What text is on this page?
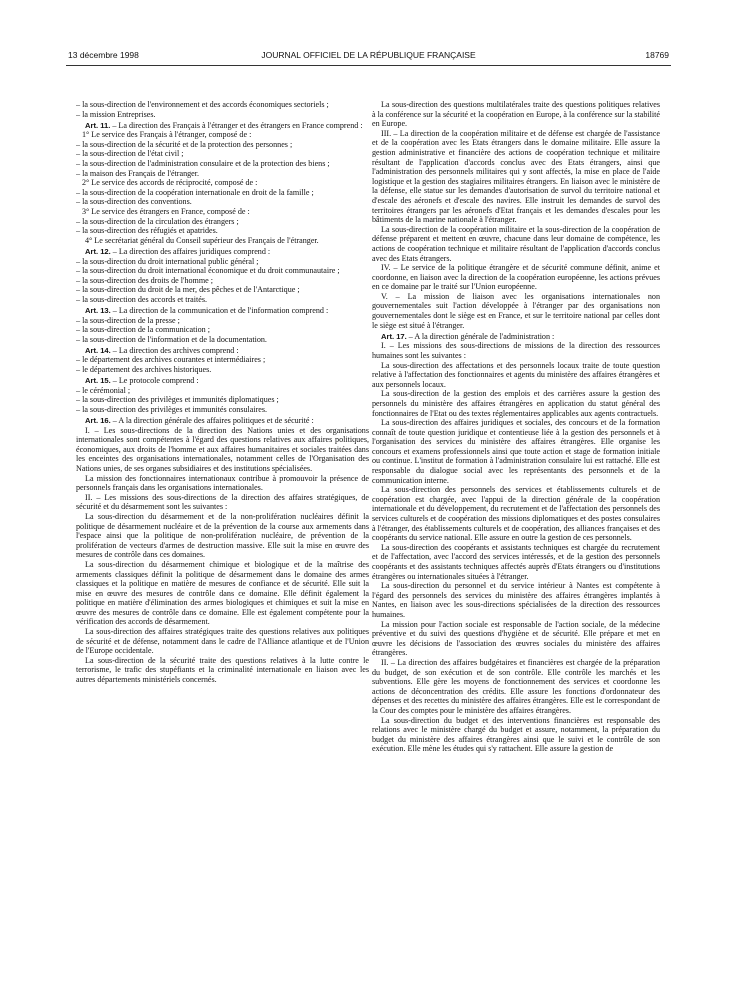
13 décembre 1998	JOURNAL OFFICIEL DE LA RÉPUBLIQUE FRANÇAISE	18769

– la sous-direction de l'environnement et des accords économiques sectoriels ;

– la mission Entreprises.

Art. 11. – La direction des Français à l'étranger et des étrangers en France comprend :

1° Le service des Français à l'étranger, composé de :

– la sous-direction de la sécurité et de la protection des personnes ;

– la sous-direction de l'état civil ;

– la sous-direction de l'administration consulaire et de la protection des biens ;

– la maison des Français de l'étranger.

2° Le service des accords de réciprocité, composé de :

– la sous-direction de la coopération internationale en droit de la famille ;

– la sous-direction des conventions.

3° Le service des étrangers en France, composé de :

– la sous-direction de la circulation des étrangers ;

– la sous-direction des réfugiés et apatrides.

4° Le secrétariat général du Conseil supérieur des Français de l'étranger.

Art. 12. – La direction des affaires juridiques comprend :

– la sous-direction du droit international public général ;

– la sous-direction du droit international économique et du droit communautaire ;

– la sous-direction des droits de l'homme ;

– la sous-direction du droit de la mer, des pêches et de l'Antarctique ;

– la sous-direction des accords et traités.

Art. 13. – La direction de la communication et de l'information comprend :

– la sous-direction de la presse ;

– la sous-direction de la communication ;

– la sous-direction de l'information et de la documentation.

Art. 14. – La direction des archives comprend :

– le département des archives courantes et intermédiaires ;

– le département des archives historiques.

Art. 15. – Le protocole comprend :

– le cérémonial ;

– la sous-direction des privilèges et immunités diplomatiques ;

– la sous-direction des privilèges et immunités consulaires.

Art. 16. – A la direction générale des affaires politiques et de sécurité :

I. – Les sous-directions de la direction des Nations unies et des organisations internationales sont compétentes à l'égard des questions relatives aux affaires politiques, économiques, aux droits de l'homme et aux affaires humanitaires et sociales traitées dans les enceintes des organisations internationales, notamment celles de l'Organisation des Nations unies, de ses organes subsidiaires et des institutions spécialisées.

La mission des fonctionnaires internationaux contribue à promouvoir la présence de personnels français dans les organisations internationales.

II. – Les missions des sous-directions de la direction des affaires stratégiques, de sécurité et du désarmement sont les suivantes :

La sous-direction du désarmement et de la non-prolifération nucléaires définit la politique de désarmement nucléaire et de la prévention de la course aux armements dans l'espace ainsi que la politique de non-prolifération nucléaire, de prévention de la prolifération de vecteurs d'armes de destruction massive. Elle suit la mise en œuvre des mesures de contrôle dans ces domaines.

La sous-direction du désarmement chimique et biologique et de la maîtrise des armements classiques définit la politique de désarmement dans le domaine des armes classiques et la politique en matière de mesures de confiance et de sécurité. Elle suit la mise en œuvre des mesures de contrôle dans ce domaine. Elle définit également la politique en matière d'élimination des armes biologiques et chimiques et suit la mise en œuvre des mesures de contrôle dans ce domaine. Elle est également compétente pour la vérification des accords de désarmement.

La sous-direction des affaires stratégiques traite des questions relatives aux politiques de sécurité et de défense, notamment dans le cadre de l'Alliance atlantique et de l'Union de l'Europe occidentale.

La sous-direction de la sécurité traite des questions relatives à la lutte contre le terrorisme, le trafic des stupéfiants et la criminalité internationale en liaison avec les autres départements ministériels concernés.

La sous-direction des questions multilatérales traite des questions politiques relatives à la conférence sur la sécurité et la coopération en Europe, à la conférence sur la stabilité en Europe.

III. – La direction de la coopération militaire et de défense est chargée de l'assistance et de la coopération avec les Etats étrangers dans le domaine militaire. Elle assure la gestion administrative et financière des actions de coopération technique et militaire résultant de l'application d'accords conclus avec des Etats étrangers, ainsi que l'administration des personnels militaires qui y sont affectés, la mise en place de l'aide logistique et la gestion des stagiaires militaires étrangers. En liaison avec le ministère de la défense, elle statue sur les demandes d'autorisation de survol du territoire national et d'escale des aéronefs et d'escale des navires. Elle instruit les demandes de survol des territoires étrangers par les aéronefs d'Etat français et les demandes d'escales pour les bâtiments de la marine nationale à l'étranger.

La sous-direction de la coopération militaire et la sous-direction de la coopération de défense préparent et mettent en œuvre, chacune dans leur domaine de compétence, les actions de coopération technique et militaire résultant de l'application d'accords conclus avec des Etats étrangers.

IV. – Le service de la politique étrangère et de sécurité commune définit, anime et coordonne, en liaison avec la direction de la coopération européenne, les actions prévues en ce domaine par le traité sur l'Union européenne.

V. – La mission de liaison avec les organisations internationales non gouvernementales suit l'action développée à l'étranger par des organisations non gouvernementales dont le siège est en France, et sur le territoire national par celles dont le siège est situé à l'étranger.

Art. 17. – A la direction générale de l'administration :

I. – Les missions des sous-directions de missions de la direction des ressources humaines sont les suivantes :

La sous-direction des affectations et des personnels locaux traite de toute question relative à l'affectation des fonctionnaires et agents du ministère des affaires étrangères et aux personnels locaux.

La sous-direction de la gestion des emplois et des carrières assure la gestion des personnels du ministère des affaires étrangères en application du statut général des fonctionnaires de l'Etat ou des textes réglementaires applicables aux agents contractuels.

La sous-direction des affaires juridiques et sociales, des concours et de la formation connaît de toute question juridique et contentieuse liée à la gestion des personnels et à l'organisation des services du ministère des affaires étrangères. Elle organise les concours et examens professionnels ainsi que toute action et stage de formation initiale ou continue. L'institut de formation à l'administration consulaire lui est rattaché. Elle est responsable du dialogue social avec les représentants des personnels et de la communication interne.

La sous-direction des personnels des services et établissements culturels et de coopération est chargée, avec l'appui de la direction générale de la coopération internationale et du développement, du recrutement et de l'affectation des personnels des services culturels et de coopération des missions diplomatiques et des postes consulaires à l'étranger, des établissements culturels et de coopération, des alliances françaises et des coopérants du service national. Elle assure en outre la gestion de ces personnels.

La sous-direction des coopérants et assistants techniques est chargée du recrutement et de l'affectation, avec l'accord des services intéressés, et de la gestion des personnels coopérants et des assistants techniques affectés auprès d'Etats étrangers ou d'institutions étrangères ou internationales situées à l'étranger.

La sous-direction du personnel et du service intérieur à Nantes est compétente à l'égard des personnels des services du ministère des affaires étrangères implantés à Nantes, en liaison avec les sous-directions spécialisées de la direction des ressources humaines.

La mission pour l'action sociale est responsable de l'action sociale, de la médecine préventive et du suivi des questions d'hygiène et de sécurité. Elle prépare et met en œuvre les décisions de l'association des œuvres sociales du ministère des affaires étrangères.

II. – La direction des affaires budgétaires et financières est chargée de la préparation du budget, de son exécution et de son contrôle. Elle contrôle les marchés et les subventions. Elle gère les moyens de fonctionnement des services et coordonne les actions de déconcentration des crédits. Elle assure les fonctions d'ordonnateur des dépenses et des recettes du ministère des affaires étrangères. Elle est le correspondant de la Cour des comptes pour le ministère des affaires étrangères.

La sous-direction du budget et des interventions financières est responsable des relations avec le ministère chargé du budget et assure, notamment, la préparation du budget du ministère des affaires étrangères ainsi que le suivi et le contrôle de son exécution. Elle mène les études qui s'y rattachent. Elle assure la gestion de
